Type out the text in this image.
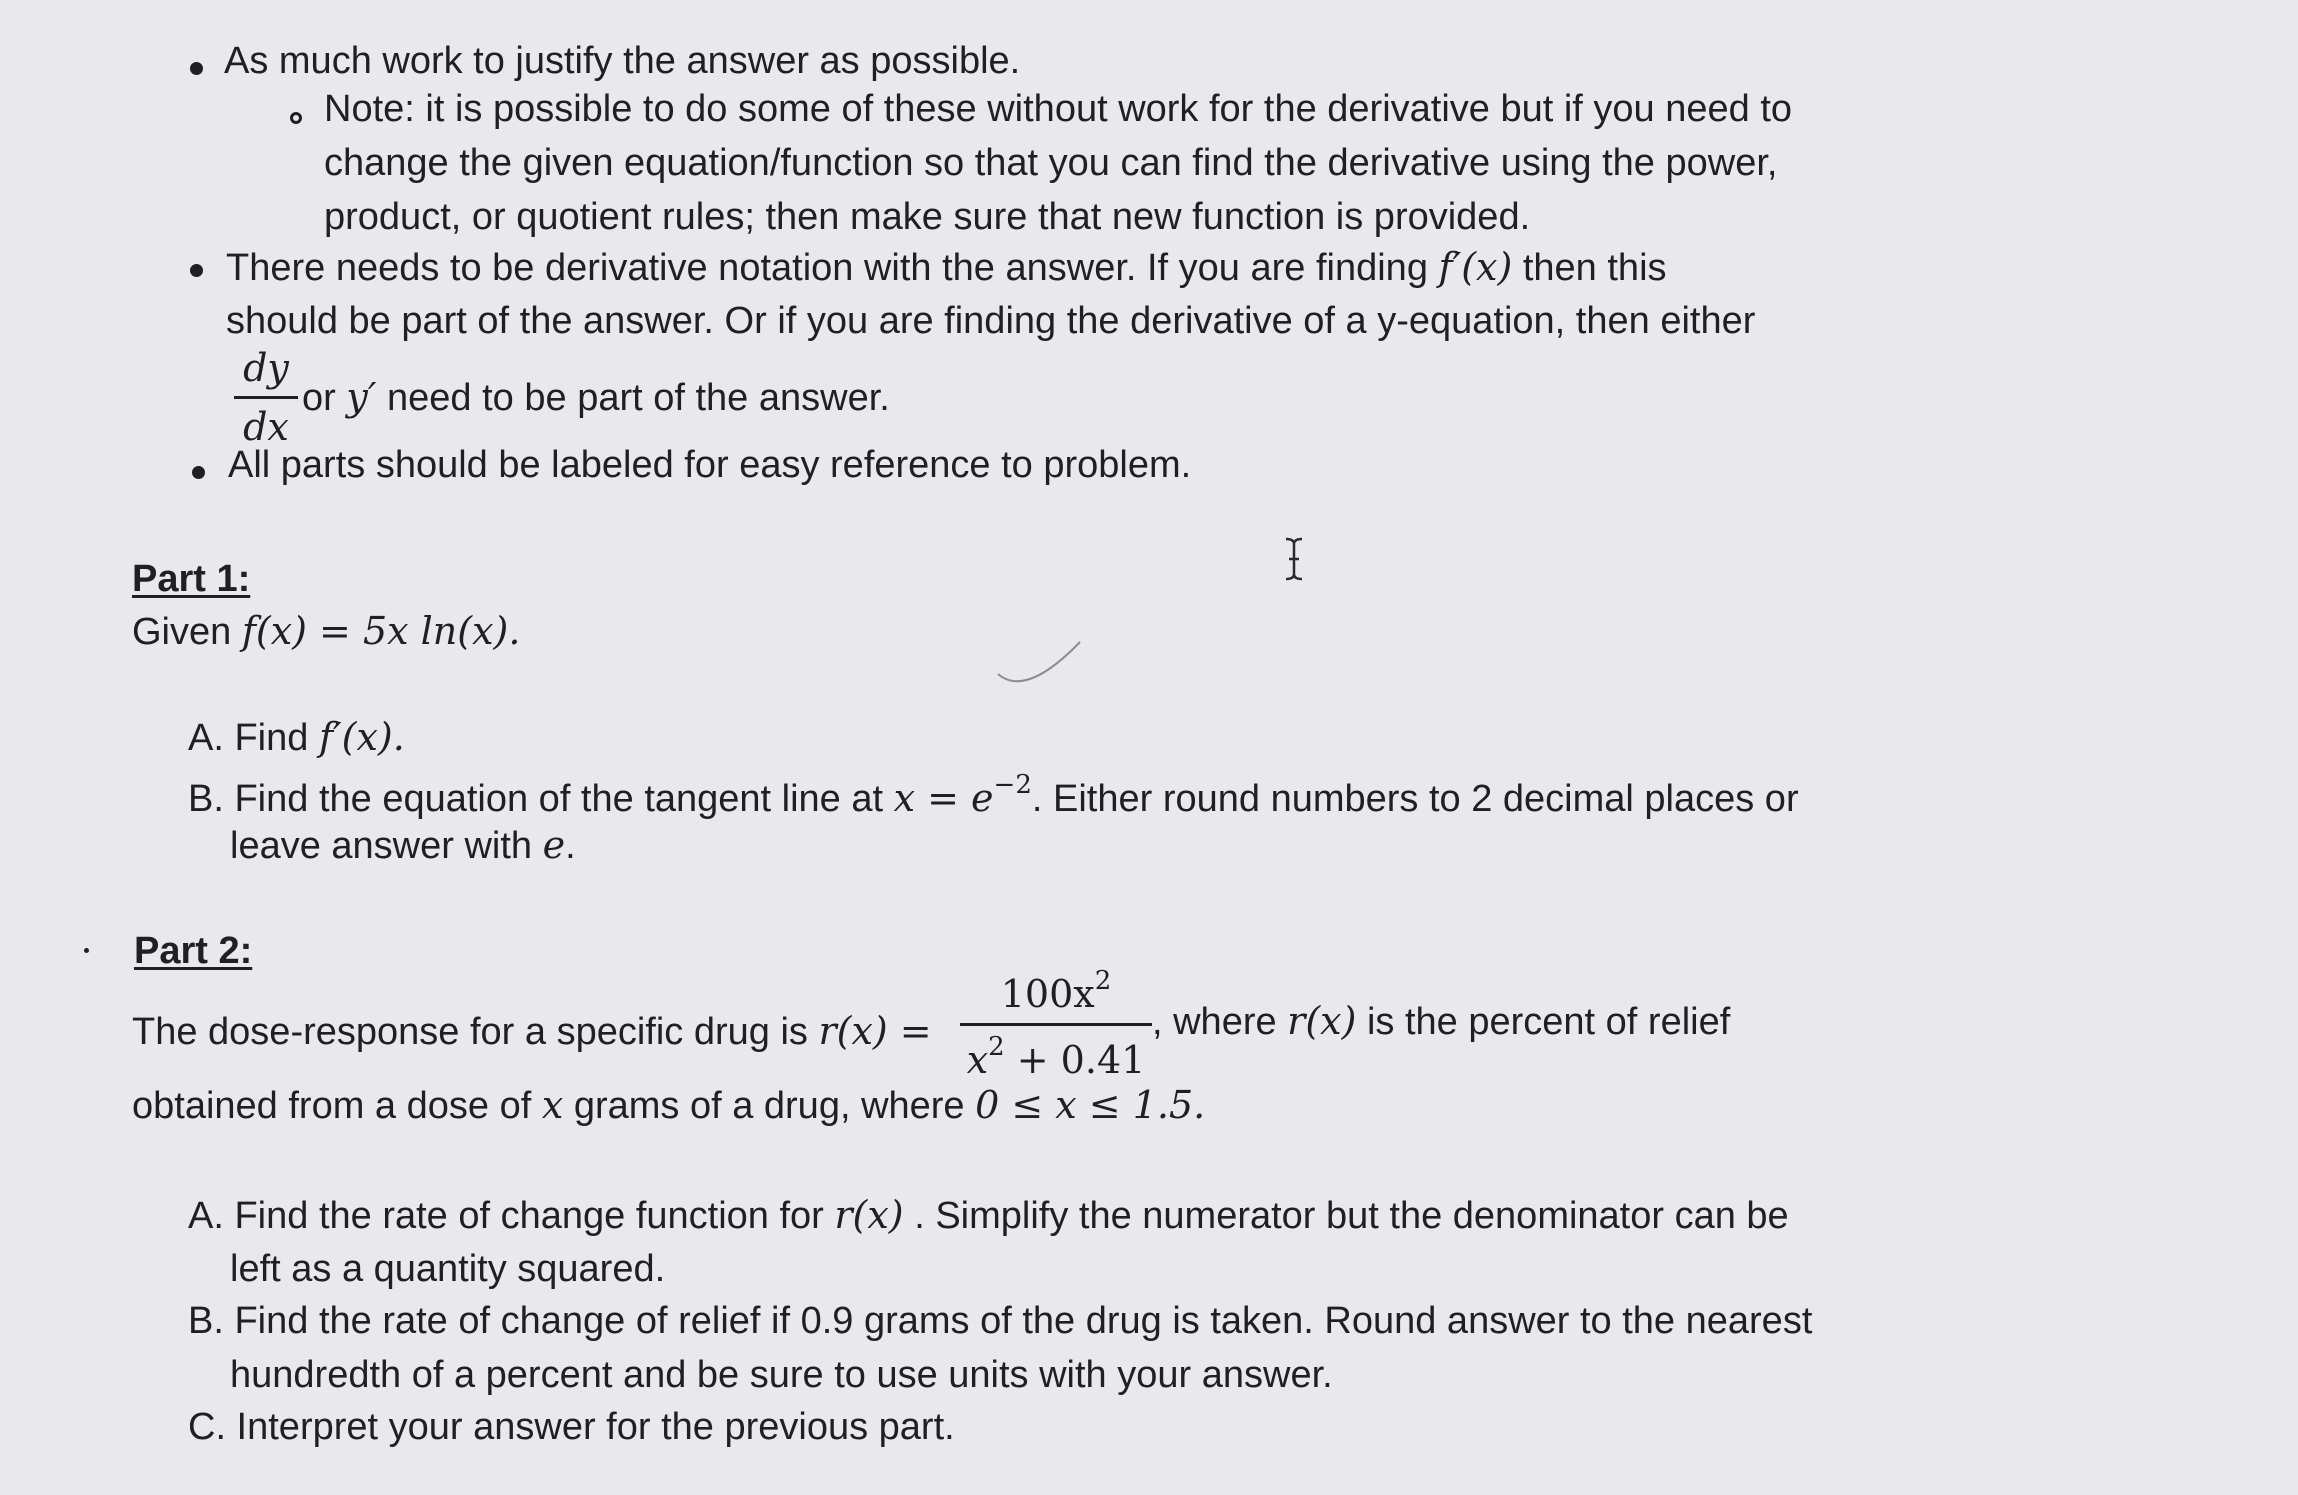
As much work to justify the answer as possible.
Note: it is possible to do some of these without work for the derivative but if you need to
change the given equation/function so that you can find the derivative using the power,
product, or quotient rules; then make sure that new function is provided.
There needs to be derivative notation with the answer. If you are finding f′(x) then this
should be part of the answer. Or if you are finding the derivative of a y-equation, then either
dy
dx
or y′ need to be part of the answer.
All parts should be labeled for easy reference to problem.
Part 1:
Given f(x) = 5x ln(x).
A. Find f′(x).
B. Find the equation of the tangent line at $x = e^{-2}$. Either round numbers to 2 decimal places or
leave answer with e.
Part 2:
The dose-response for a specific drug is r(x) =
$100x^2$
$x^2 + 0.41$
, where r(x) is the percent of relief
obtained from a dose of x grams of a drug, where 0 ≤ x ≤ 1.5.
A. Find the rate of change function for r(x) . Simplify the numerator but the denominator can be
left as a quantity squared.
B. Find the rate of change of relief if 0.9 grams of the drug is taken. Round answer to the nearest
hundredth of a percent and be sure to use units with your answer.
C. Interpret your answer for the previous part.
